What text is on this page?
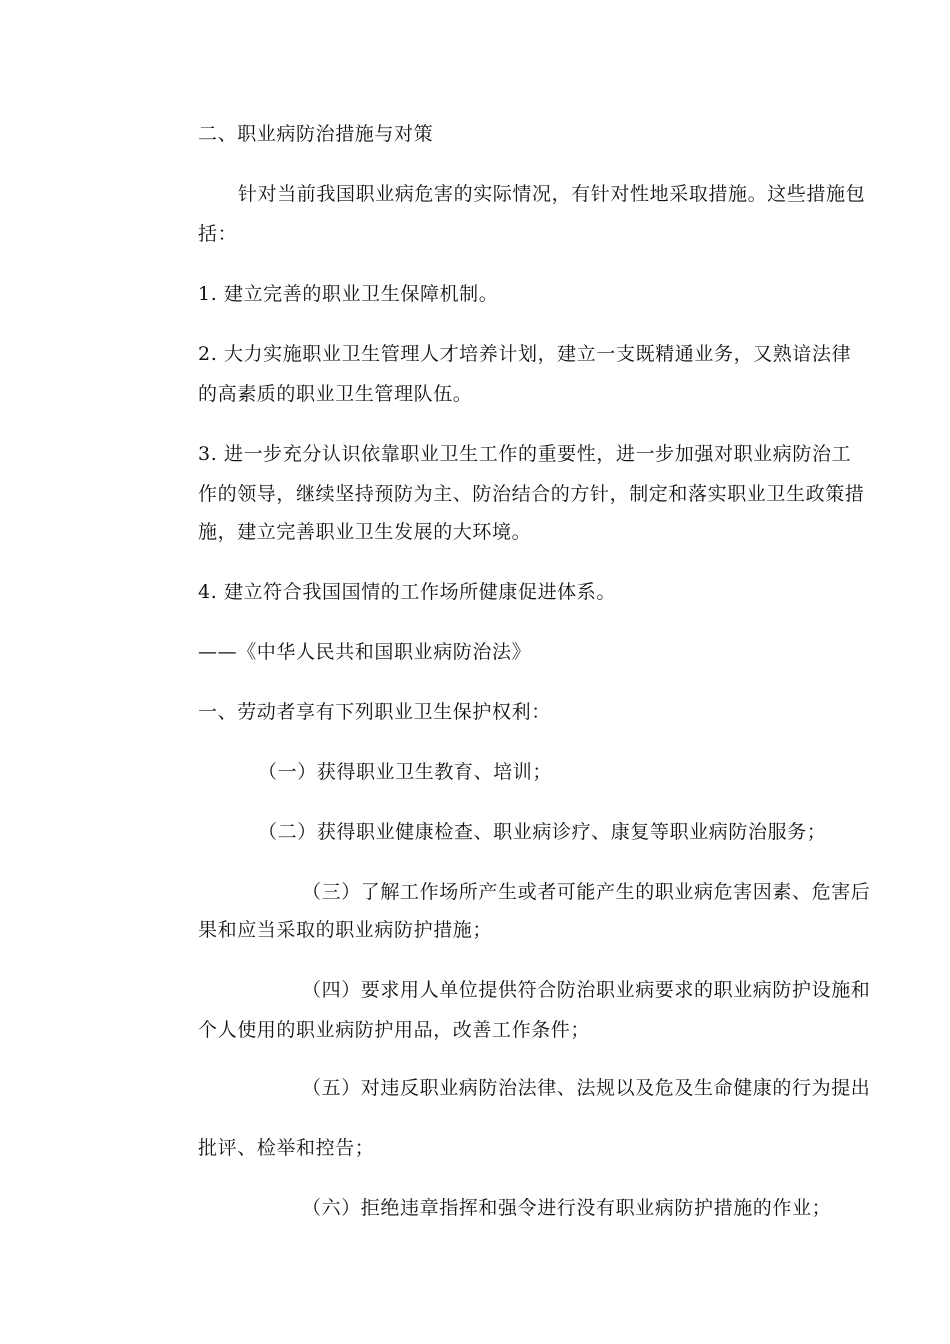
二、职业病防治措施与对策
针对当前我国职业病危害的实际情况，有针对性地采取措施。这些措施包
括：
1. 建立完善的职业卫生保障机制。
2. 大力实施职业卫生管理人才培养计划，建立一支既精通业务，又熟谙法律
的高素质的职业卫生管理队伍。
3. 进一步充分认识依靠职业卫生工作的重要性，进一步加强对职业病防治工
作的领导，继续坚持预防为主、防治结合的方针，制定和落实职业卫生政策措
施，建立完善职业卫生发展的大环境。
4. 建立符合我国国情的工作场所健康促进体系。
——《中华人民共和国职业病防治法》
一、劳动者享有下列职业卫生保护权利：
（一）获得职业卫生教育、培训；
（二）获得职业健康检查、职业病诊疗、康复等职业病防治服务；
（三）了解工作场所产生或者可能产生的职业病危害因素、危害后
果和应当采取的职业病防护措施；
（四）要求用人单位提供符合防治职业病要求的职业病防护设施和
个人使用的职业病防护用品，改善工作条件；
（五）对违反职业病防治法律、法规以及危及生命健康的行为提出
批评、检举和控告；
（六）拒绝违章指挥和强令进行没有职业病防护措施的作业；
